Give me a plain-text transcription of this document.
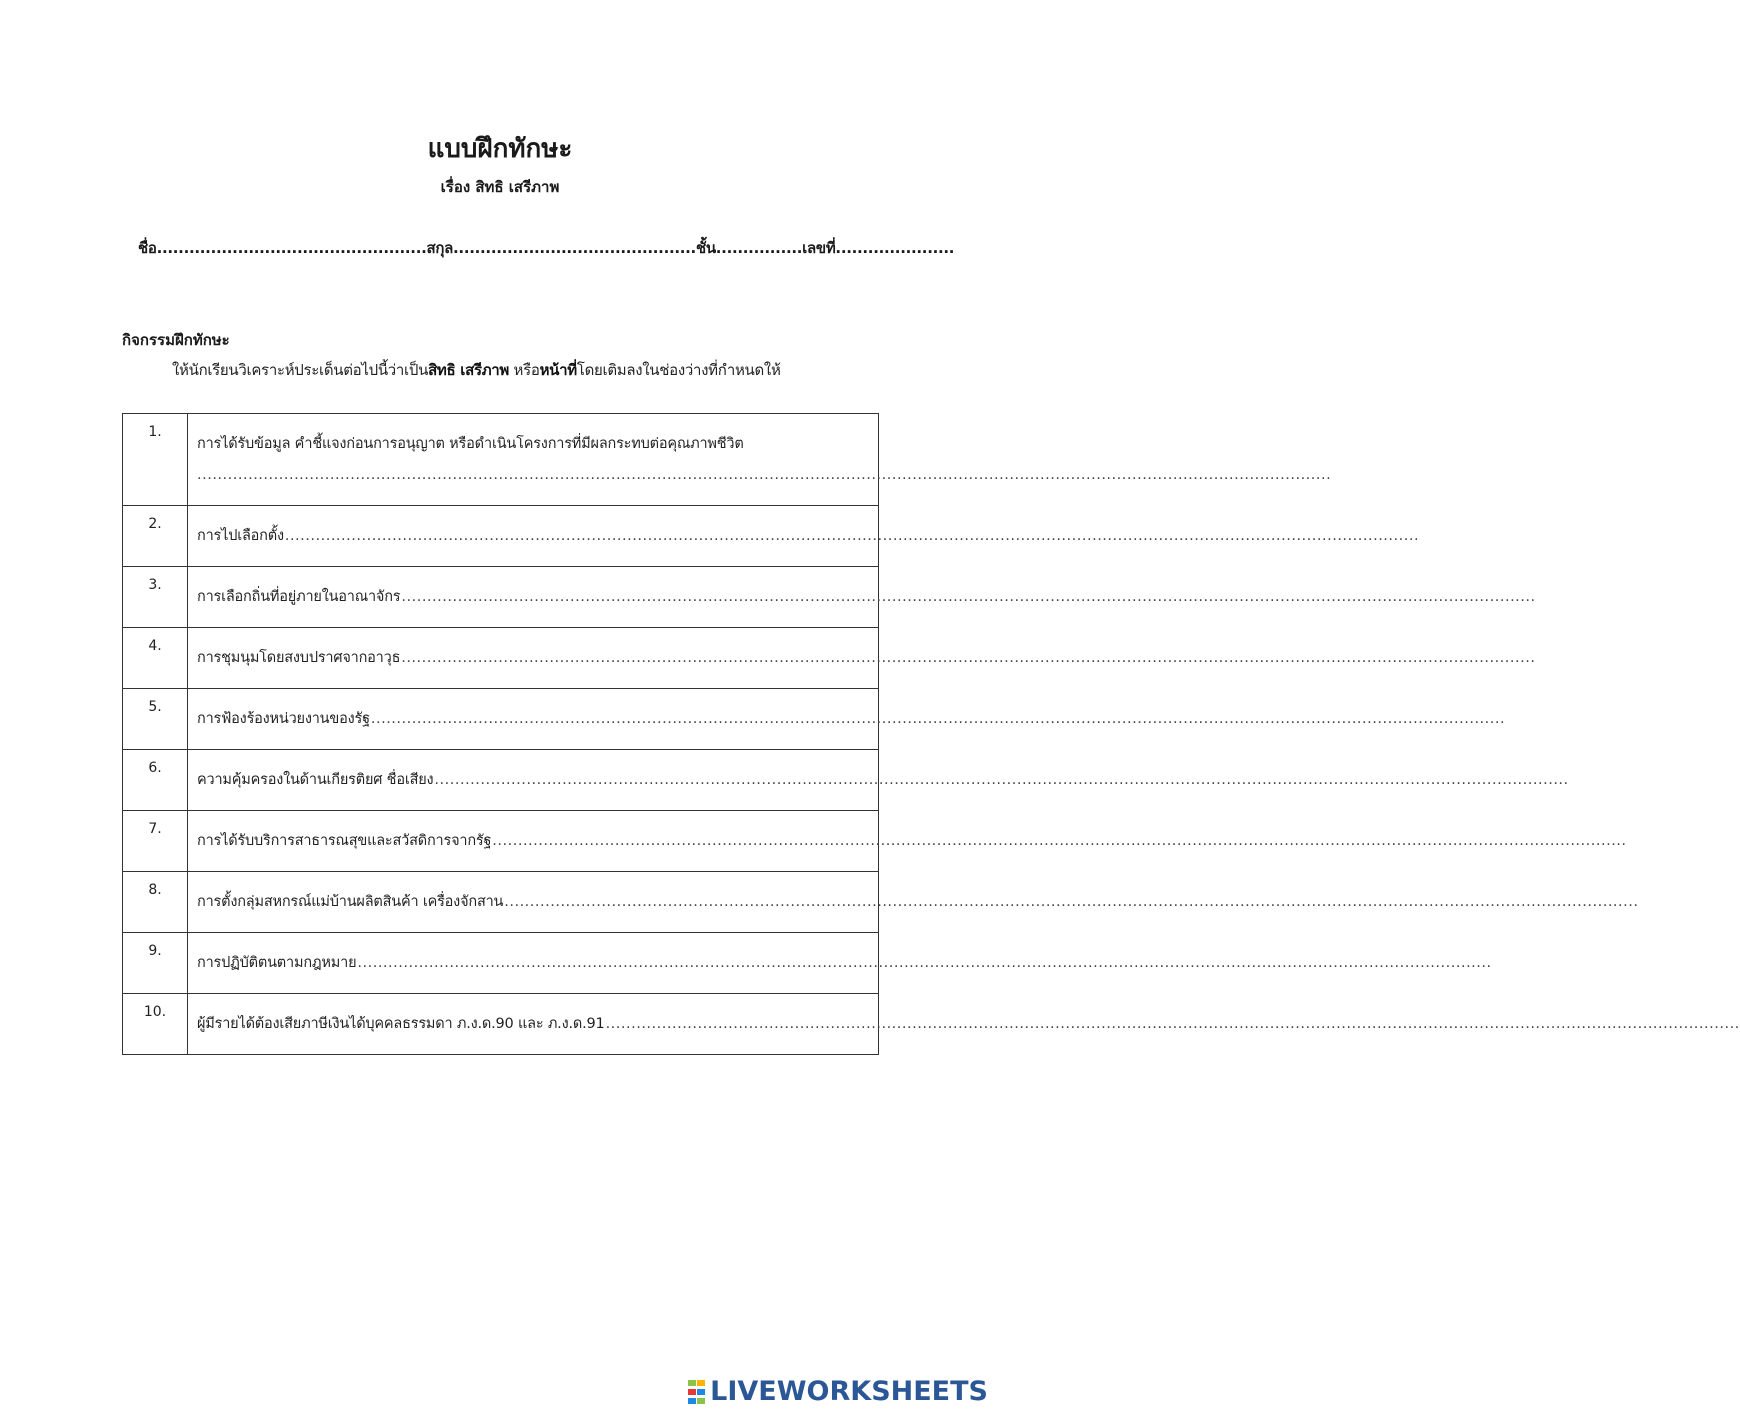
แบบฝึกทักษะ
เรื่อง สิทธิ เสรีภาพ
ชื่อ..................................................สกุล.............................................ชั้น................เลขที่......................
กิจกรรมฝึกทักษะ
ให้นักเรียนวิเคราะห์ประเด็นต่อไปนี้ว่าเป็นสิทธิ เสรีภาพ หรือหน้าที่โดยเติมลงในช่องว่างที่กำหนดให้
1.	การได้รับข้อมูล คำชี้แจงก่อนการอนุญาต หรือดำเนินโครงการที่มีผลกระทบต่อคุณภาพชีวิต
..............................................................................................................................................................................................................................

2.	การไปเลือกตั้ง ..............................................................................................................................................................................................................................

3.	การเลือกถิ่นที่อยู่ภายในอาณาจักร ..............................................................................................................................................................................................................................

4.	การชุมนุมโดยสงบปราศจากอาวุธ ..............................................................................................................................................................................................................................

5.	การฟ้องร้องหน่วยงานของรัฐ ..............................................................................................................................................................................................................................

6.	ความคุ้มครองในด้านเกียรติยศ ชื่อเสียง ..............................................................................................................................................................................................................................

7.	การได้รับบริการสาธารณสุขและสวัสดิการจากรัฐ ..............................................................................................................................................................................................................................

8.	การตั้งกลุ่มสหกรณ์แม่บ้านผลิตสินค้า เครื่องจักสาน ..............................................................................................................................................................................................................................

9.	การปฏิบัติตนตามกฎหมาย ..............................................................................................................................................................................................................................

10.	ผู้มีรายได้ต้องเสียภาษีเงินได้บุคคลธรรมดา ภ.ง.ด.90 และ ภ.ง.ด.91 ..............................................................................................................................................................................................................................
LIVEWORKSHEETS
